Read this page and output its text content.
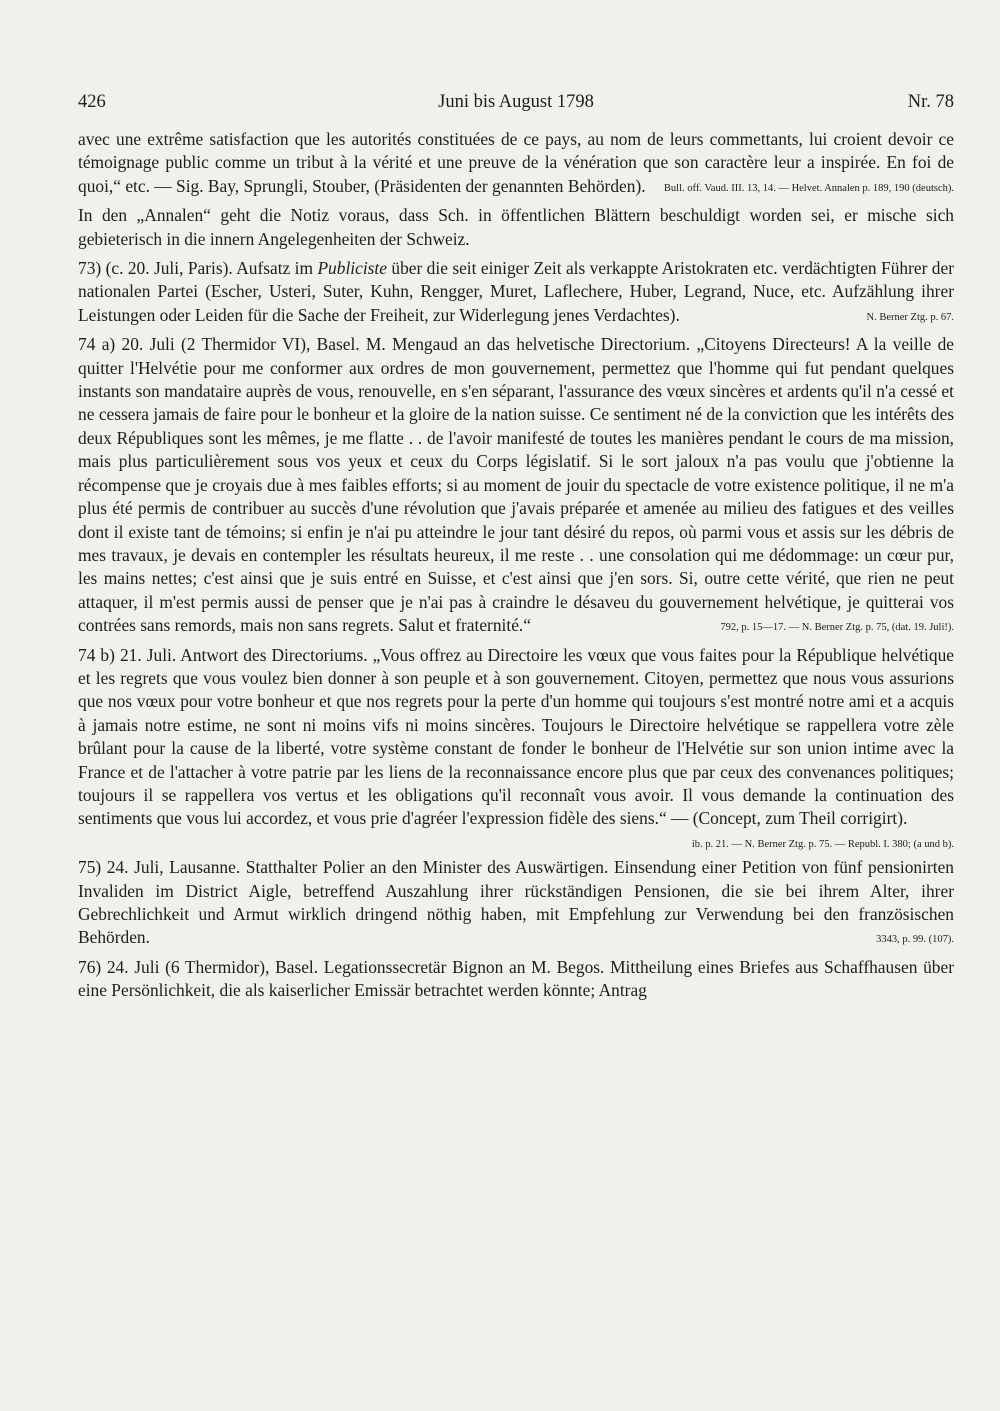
426	Juni bis August 1798	Nr. 78

avec une extrême satisfaction que les autorités constituées de ce pays, au nom de leurs commettants, lui croient devoir ce témoignage public comme un tribut à la vérité et une preuve de la vénération que son caractère leur a inspirée. En foi de quoi,“ etc. — Sig. Bay, Sprungli, Stouber, (Präsidenten der genannten Behörden). Bull. off. Vaud. III. 13, 14. — Helvet. Annalen p. 189, 190 (deutsch).

In den „Annalen“ geht die Notiz voraus, dass Sch. in öffentlichen Blättern beschuldigt worden sei, er mische sich gebieterisch in die innern Angelegenheiten der Schweiz.

73) (c. 20. Juli, Paris). Aufsatz im Publiciste über die seit einiger Zeit als verkappte Aristokraten etc. verdächtigten Führer der nationalen Partei (Escher, Usteri, Suter, Kuhn, Rengger, Muret, Laflechere, Huber, Legrand, Nuce, etc. Aufzählung ihrer Leistungen oder Leiden für die Sache der Freiheit, zur Widerlegung jenes Verdachtes).	N. Berner Ztg. p. 67.

74 a) 20. Juli (2 Thermidor VI), Basel. M. Mengaud an das helvetische Directorium. „Citoyens Directeurs! A la veille de quitter l'Helvétie pour me conformer aux ordres de mon gouvernement, permettez que l'homme qui fut pendant quelques instants son mandataire auprès de vous, renouvelle, en s'en séparant, l'assurance des vœux sincères et ardents qu'il n'a cessé et ne cessera jamais de faire pour le bonheur et la gloire de la nation suisse. Ce sentiment né de la conviction que les intérêts des deux Républiques sont les mêmes, je me flatte . . de l'avoir manifesté de toutes les manières pendant le cours de ma mission, mais plus particulièrement sous vos yeux et ceux du Corps législatif. Si le sort jaloux n'a pas voulu que j'obtienne la récompense que je croyais due à mes faibles efforts; si au moment de jouir du spectacle de votre existence politique, il ne m'a plus été permis de contribuer au succès d'une révolution que j'avais préparée et amenée au milieu des fatigues et des veilles dont il existe tant de témoins; si enfin je n'ai pu atteindre le jour tant désiré du repos, où parmi vous et assis sur les débris de mes travaux, je devais en contempler les résultats heureux, il me reste . . une consolation qui me dédommage: un cœur pur, les mains nettes; c'est ainsi que je suis entré en Suisse, et c'est ainsi que j'en sors. Si, outre cette vérité, que rien ne peut attaquer, il m'est permis aussi de penser que je n'ai pas à craindre le désaveu du gouvernement helvétique, je quitterai vos contrées sans remords, mais non sans regrets. Salut et fraternité.“	792, p. 15—17. — N. Berner Ztg. p. 75, (dat. 19. Juli!).

74 b) 21. Juli. Antwort des Directoriums. „Vous offrez au Directoire les vœux que vous faites pour la République helvétique et les regrets que vous voulez bien donner à son peuple et à son gouvernement. Citoyen, permettez que nous vous assurions que nos vœux pour votre bonheur et que nos regrets pour la perte d'un homme qui toujours s'est montré notre ami et a acquis à jamais notre estime, ne sont ni moins vifs ni moins sincères. Toujours le Directoire helvétique se rappellera votre zèle brûlant pour la cause de la liberté, votre système constant de fonder le bonheur de l'Helvétie sur son union intime avec la France et de l'attacher à votre patrie par les liens de la reconnaissance encore plus que par ceux des convenances politiques; toujours il se rappellera vos vertus et les obligations qu'il reconnaît vous avoir. Il vous demande la continuation des sentiments que vous lui accordez, et vous prie d'agréer l'expression fidèle des siens.“ — (Concept, zum Theil corrigirt).
ib. p. 21. — N. Berner Ztg. p. 75. — Republ. I. 380; (a und b).

75) 24. Juli, Lausanne. Statthalter Polier an den Minister des Auswärtigen. Einsendung einer Petition von fünf pensionirten Invaliden im District Aigle, betreffend Auszahlung ihrer rückständigen Pensionen, die sie bei ihrem Alter, ihrer Gebrechlichkeit und Armut wirklich dringend nöthig haben, mit Empfehlung zur Verwendung bei den französischen Behörden.	3343, p. 99. (107).

76) 24. Juli (6 Thermidor), Basel. Legationssecretär Bignon an M. Begos. Mittheilung eines Briefes aus Schaffhausen über eine Persönlichkeit, die als kaiserlicher Emissär betrachtet werden könnte; Antrag
